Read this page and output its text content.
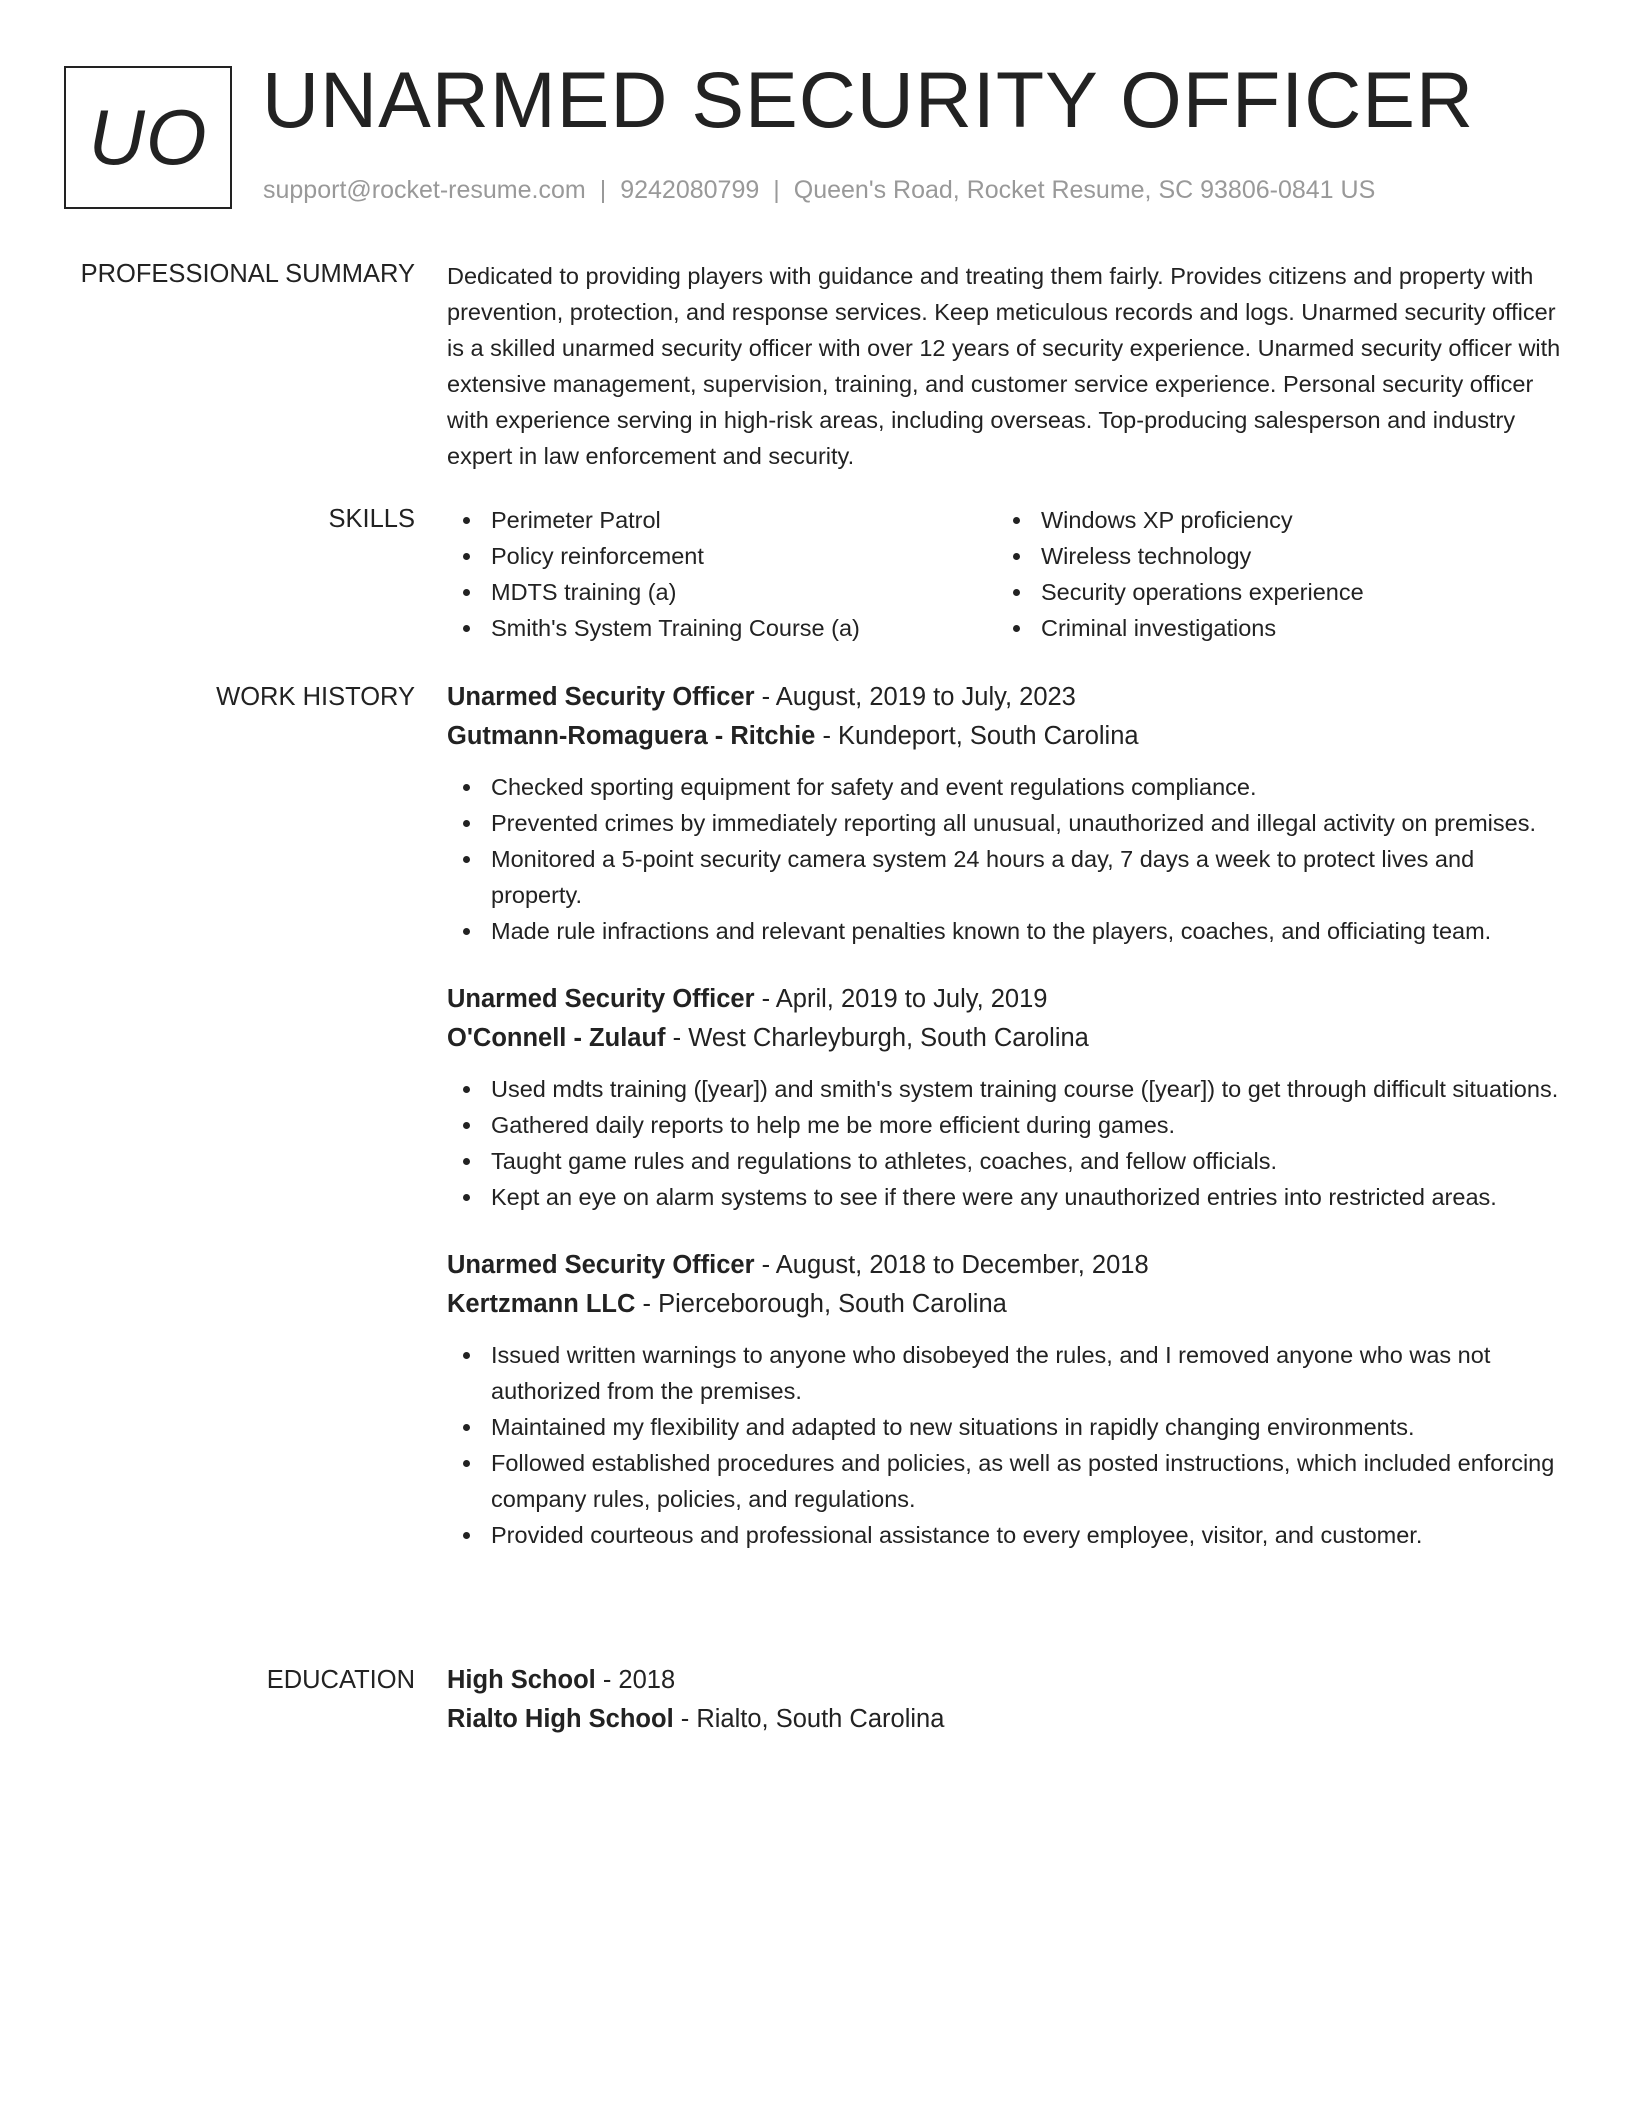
UO UNARMED SECURITY OFFICER
support@rocket-resume.com | 9242080799 | Queen's Road, Rocket Resume, SC 93806-0841 US
PROFESSIONAL SUMMARY Dedicated to providing players with guidance and treating them fairly. Provides citizens and property with prevention, protection, and response services. Keep meticulous records and logs. Unarmed security officer is a skilled unarmed security officer with over 12 years of security experience. Unarmed security officer with extensive management, supervision, training, and customer service experience. Personal security officer with experience serving in high-risk areas, including overseas. Top-producing salesperson and industry expert in law enforcement and security.
SKILLS	Perimeter Patrol
Policy reinforcement
MDTS training (a)
Smith's System Training Course (a)
Windows XP proficiency
Wireless technology
Security operations experience
Criminal investigations
WORK HISTORY Unarmed Security Officer - August, 2019 to July, 2023
Gutmann-Romaguera - Ritchie - Kundeport, South Carolina
Checked sporting equipment for safety and event regulations compliance.
Prevented crimes by immediately reporting all unusual, unauthorized and illegal activity on premises.
Monitored a 5-point security camera system 24 hours a day, 7 days a week to protect lives and property.
Made rule infractions and relevant penalties known to the players, coaches, and officiating team.
Unarmed Security Officer - April, 2019 to July, 2019
O'Connell - Zulauf - West Charleyburgh, South Carolina
Used mdts training ([year]) and smith's system training course ([year]) to get through difficult situations.
Gathered daily reports to help me be more efficient during games.
Taught game rules and regulations to athletes, coaches, and fellow officials.
Kept an eye on alarm systems to see if there were any unauthorized entries into restricted areas.
Unarmed Security Officer - August, 2018 to December, 2018
Kertzmann LLC - Pierceborough, South Carolina
Issued written warnings to anyone who disobeyed the rules, and I removed anyone who was not authorized from the premises.
Maintained my flexibility and adapted to new situations in rapidly changing environments.
Followed established procedures and policies, as well as posted instructions, which included enforcing company rules, policies, and regulations.
Provided courteous and professional assistance to every employee, visitor, and customer.
EDUCATION High School - 2018
Rialto High School - Rialto, South Carolina
